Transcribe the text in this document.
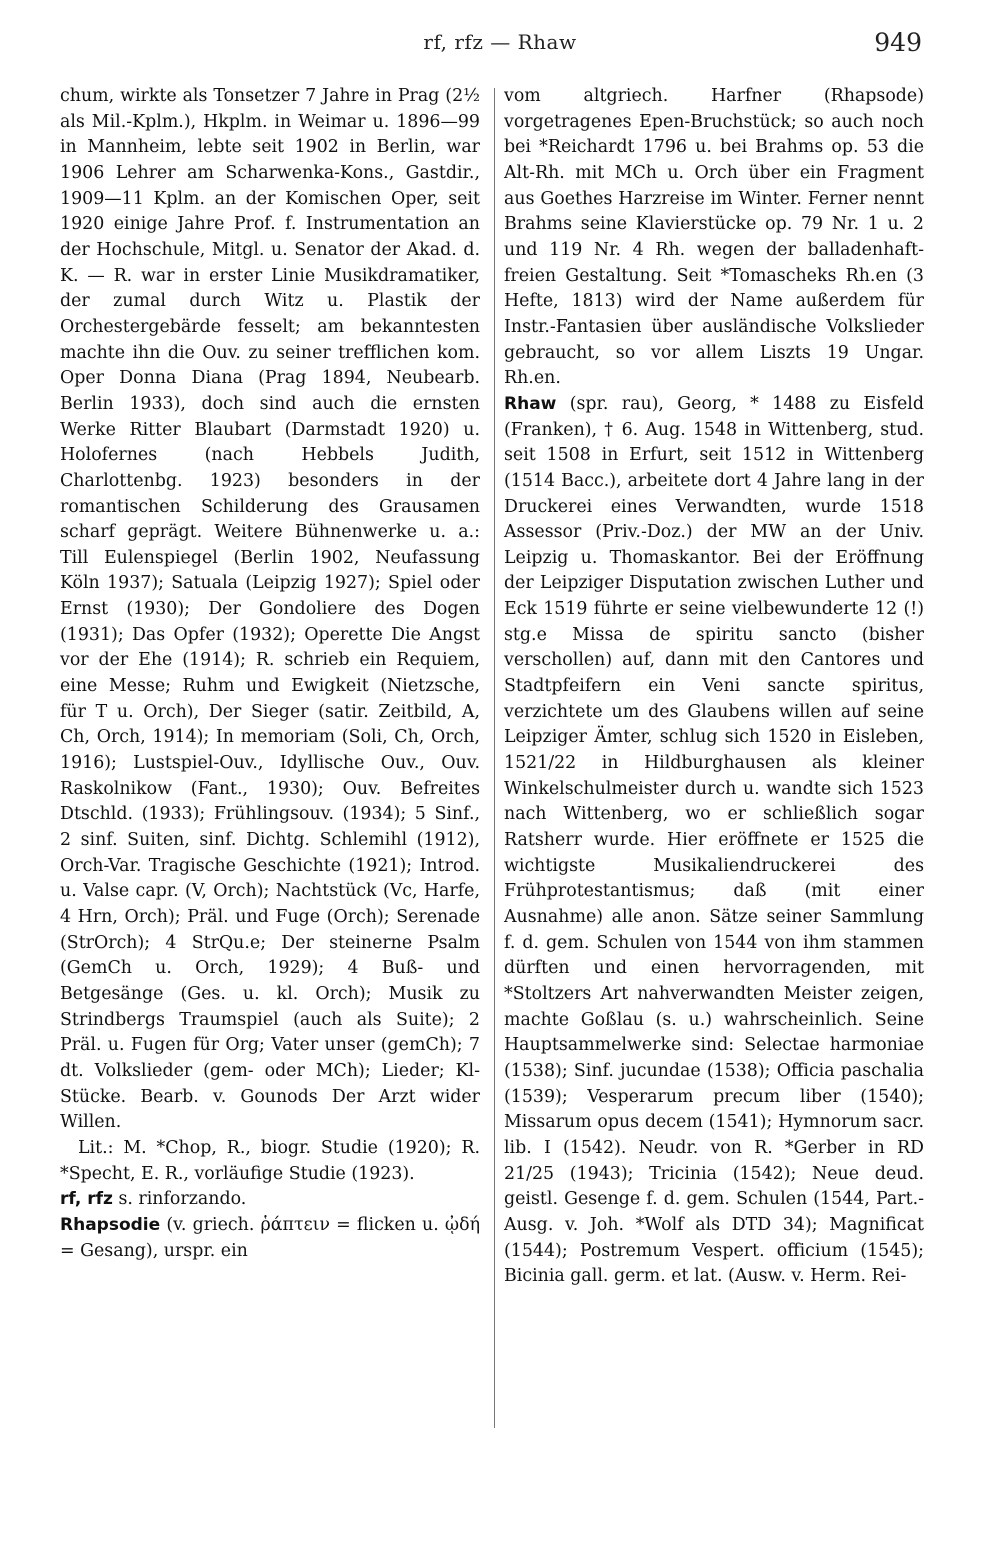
rf, rfz — Rhaw	949

chum, wirkte als Tonsetzer 7 Jahre in Prag (2½ als Mil.-Kplm.), Hkplm. in Weimar u. 1896—99 in Mannheim, lebte seit 1902 in Berlin, war 1906 Lehrer am Scharwenka-Kons., Gastdir., 1909—11 Kplm. an der Komischen Oper, seit 1920 einige Jahre Prof. f. Instrumentation an der Hochschule, Mitgl. u. Senator der Akad. d. K. — R. war in erster Linie Musikdramatiker, der zumal durch Witz u. Plastik der Orchestergebärde fesselt; am bekanntesten machte ihn die Ouv. zu seiner trefflichen kom. Oper Donna Diana (Prag 1894, Neubearb. Berlin 1933), doch sind auch die ernsten Werke Ritter Blaubart (Darmstadt 1920) u. Holofernes (nach Hebbels Judith, Charlottenbg. 1923) besonders in der romantischen Schilderung des Grausamen scharf geprägt. Weitere Bühnenwerke u. a.: Till Eulenspiegel (Berlin 1902, Neufassung Köln 1937); Satuala (Leipzig 1927); Spiel oder Ernst (1930); Der Gondoliere des Dogen (1931); Das Opfer (1932); Operette Die Angst vor der Ehe (1914); R. schrieb ein Requiem, eine Messe; Ruhm und Ewigkeit (Nietzsche, für T u. Orch), Der Sieger (satir. Zeitbild, A, Ch, Orch, 1914); In memoriam (Soli, Ch, Orch, 1916); Lustspiel-Ouv., Idyllische Ouv., Ouv. Raskolnikow (Fant., 1930); Ouv. Befreites Dtschld. (1933); Frühlingsouv. (1934); 5 Sinf., 2 sinf. Suiten, sinf. Dichtg. Schlemihl (1912), Orch-Var. Tragische Geschichte (1921); Introd. u. Valse capr. (V, Orch); Nachtstück (Vc, Harfe, 4 Hrn, Orch); Präl. und Fuge (Orch); Serenade (StrOrch); 4 StrQu.e; Der steinerne Psalm (GemCh u. Orch, 1929); 4 Buß- und Betgesänge (Ges. u. kl. Orch); Musik zu Strindbergs Traumspiel (auch als Suite); 2 Präl. u. Fugen für Org; Vater unser (gemCh); 7 dt. Volkslieder (gem- oder MCh); Lieder; Kl-Stücke. Bearb. v. Gounods Der Arzt wider Willen.

Lit.: M. *Chop, R., biogr. Studie (1920); R. *Specht, E. R., vorläufige Studie (1923).

rf, rfz s. rinforzando.

Rhapsodie (v. griech. ῥάπτειν = flicken u. ᾠδή = Gesang), urspr. ein

vom altgriech. Harfner (Rhapsode) vorgetragenes Epen-Bruchstück; so auch noch bei *Reichardt 1796 u. bei Brahms op. 53 die Alt-Rh. mit MCh u. Orch über ein Fragment aus Goethes Harzreise im Winter. Ferner nennt Brahms seine Klavierstücke op. 79 Nr. 1 u. 2 und 119 Nr. 4 Rh. wegen der balladenhaft-freien Gestaltung. Seit *Tomascheks Rh.en (3 Hefte, 1813) wird der Name außerdem für Instr.-Fantasien über ausländische Volkslieder gebraucht, so vor allem Liszts 19 Ungar. Rh.en.

Rhaw (spr. rau), Georg, * 1488 zu Eisfeld (Franken), † 6. Aug. 1548 in Wittenberg, stud. seit 1508 in Erfurt, seit 1512 in Wittenberg (1514 Bacc.), arbeitete dort 4 Jahre lang in der Druckerei eines Verwandten, wurde 1518 Assessor (Priv.-Doz.) der MW an der Univ. Leipzig u. Thomaskantor. Bei der Eröffnung der Leipziger Disputation zwischen Luther und Eck 1519 führte er seine vielbewunderte 12 (!) stg.e Missa de spiritu sancto (bisher verschollen) auf, dann mit den Cantores und Stadtpfeifern ein Veni sancte spiritus, verzichtete um des Glaubens willen auf seine Leipziger Ämter, schlug sich 1520 in Eisleben, 1521/22 in Hildburghausen als kleiner Winkelschulmeister durch u. wandte sich 1523 nach Wittenberg, wo er schließlich sogar Ratsherr wurde. Hier eröffnete er 1525 die wichtigste Musikaliendruckerei des Frühprotestantismus; daß (mit einer Ausnahme) alle anon. Sätze seiner Sammlung f. d. gem. Schulen von 1544 von ihm stammen dürften und einen hervorragenden, mit *Stoltzers Art nahverwandten Meister zeigen, machte Goßlau (s. u.) wahrscheinlich. Seine Hauptsammelwerke sind: Selectae harmoniae (1538); Sinf. jucundae (1538); Officia paschalia (1539); Vesperarum precum liber (1540); Missarum opus decem (1541); Hymnorum sacr. lib. I (1542). Neudr. von R. *Gerber in RD 21/25 (1943); Tricinia (1542); Neue deud. geistl. Gesenge f. d. gem. Schulen (1544, Part.-Ausg. v. Joh. *Wolf als DTD 34); Magnificat (1544); Postremum Vespert. officium (1545); Bicinia gall. germ. et lat. (Ausw. v. Herm. Rei-
